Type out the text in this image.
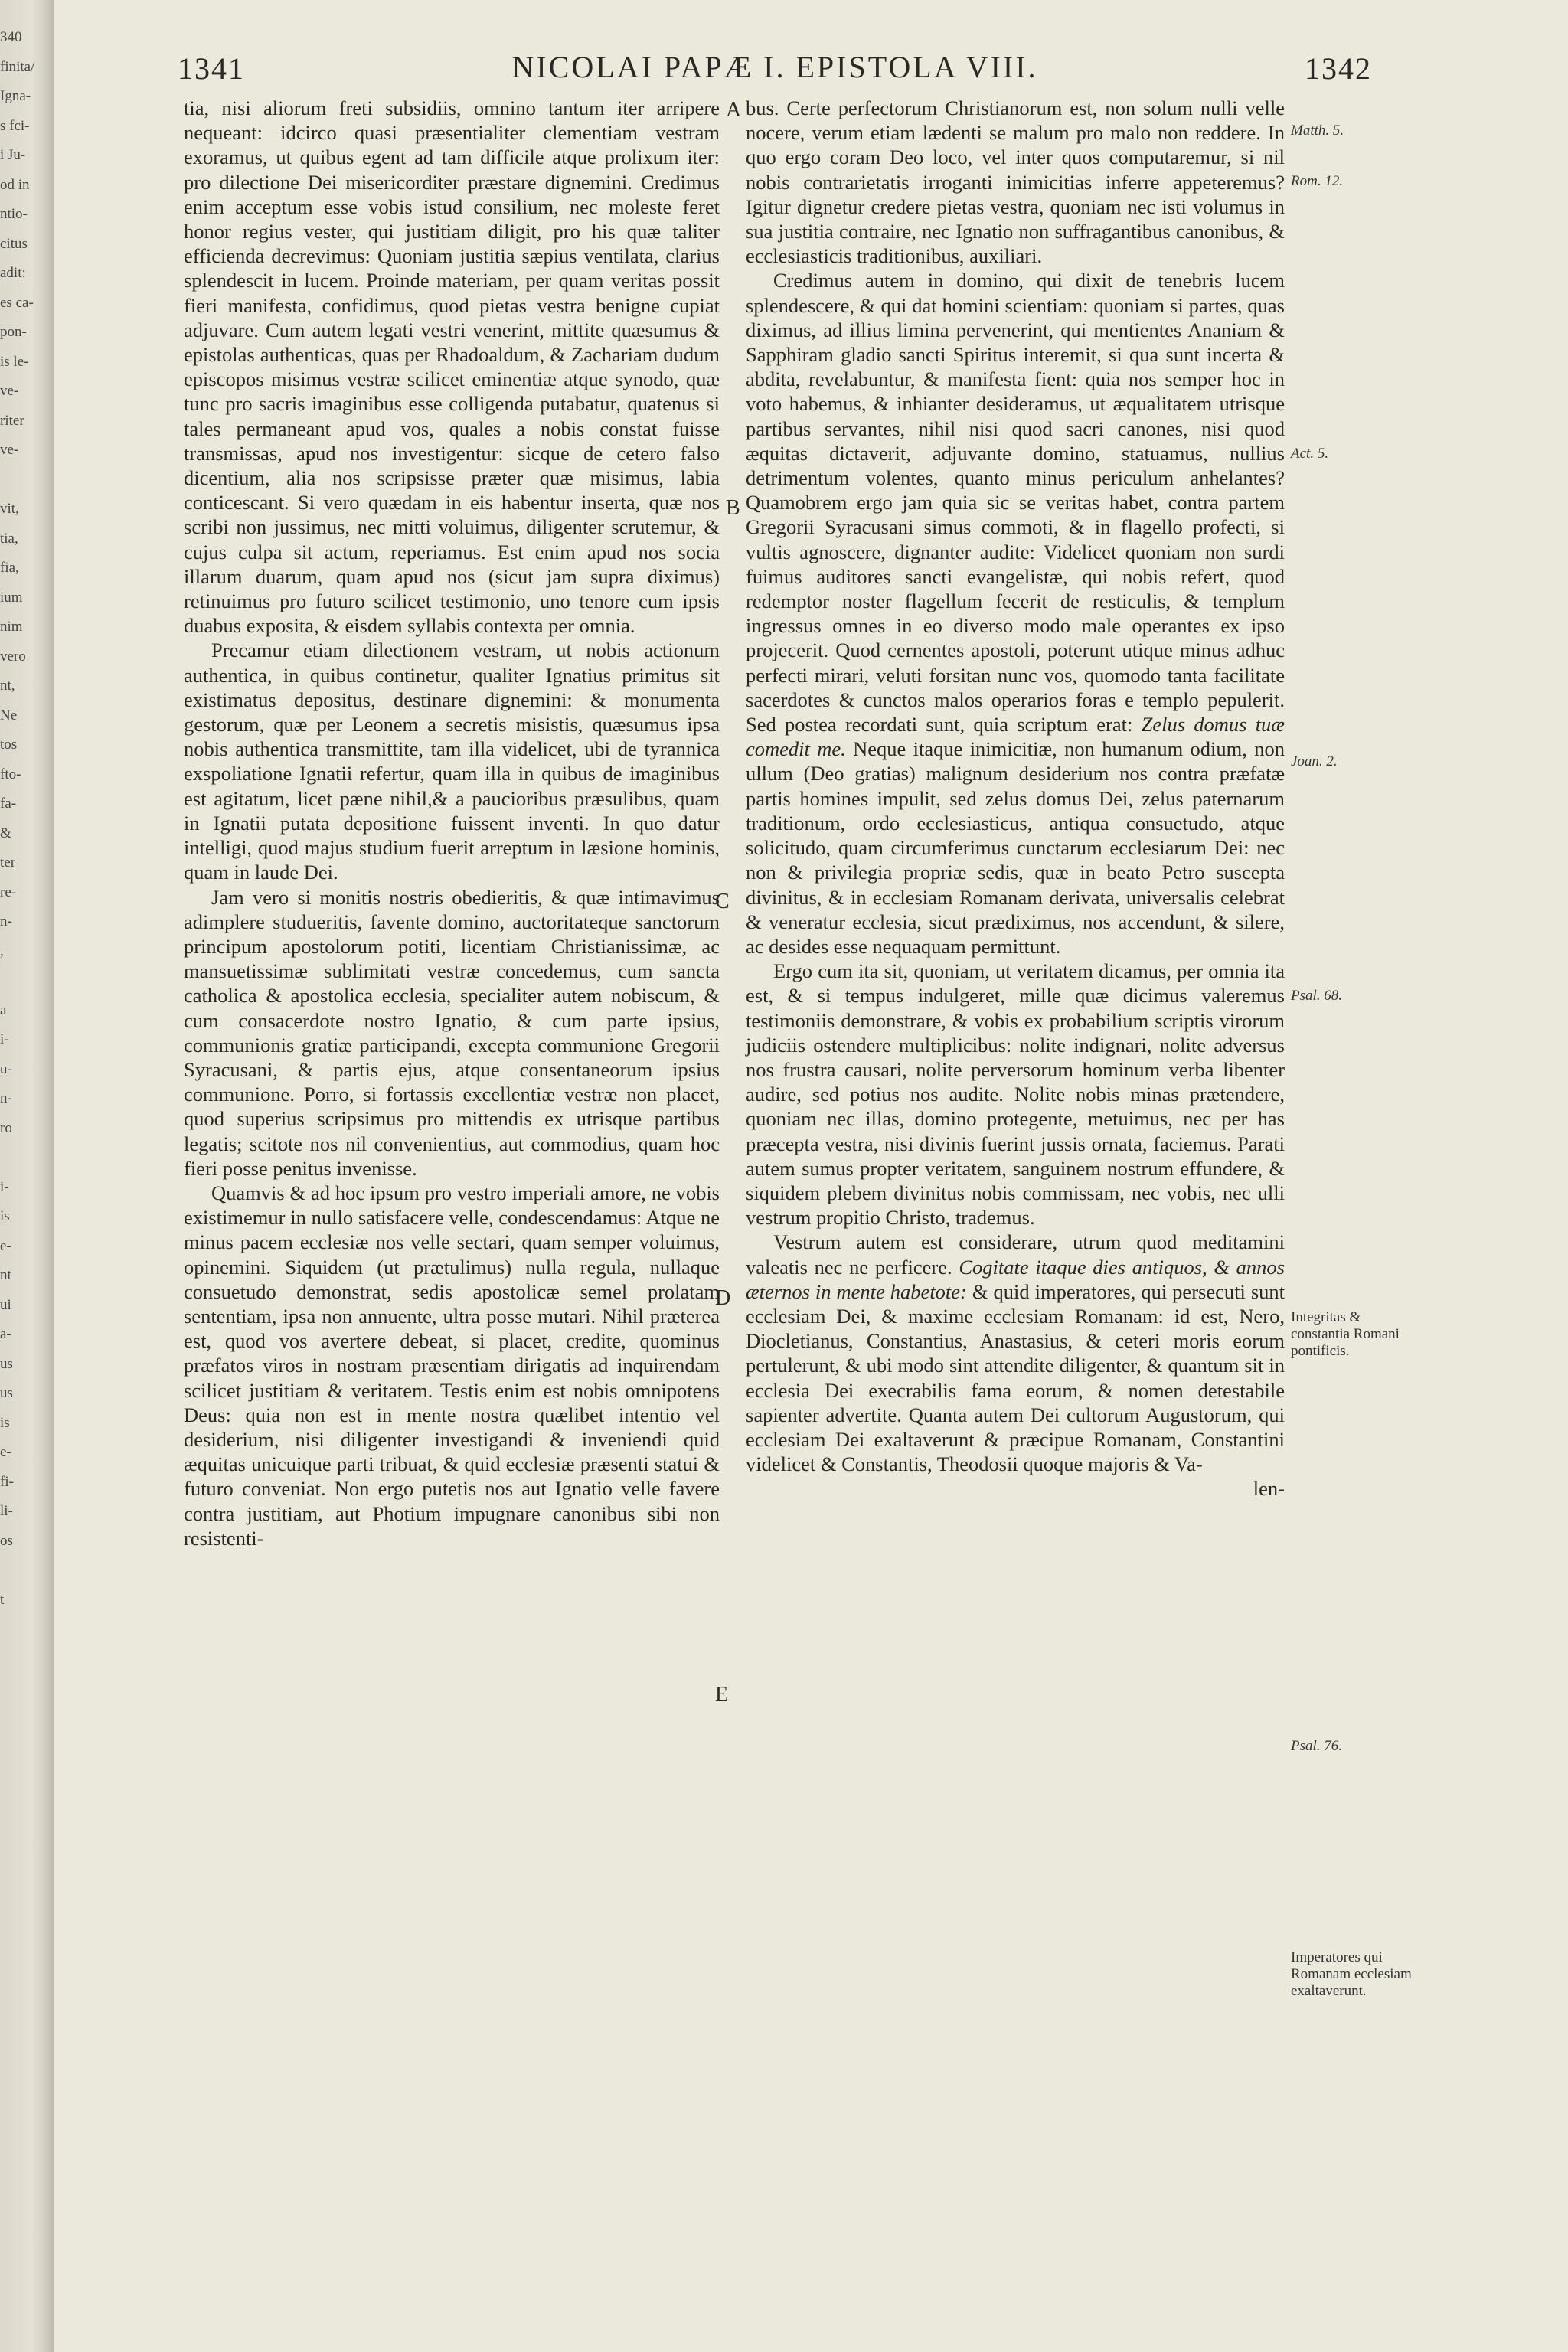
340
finita/
Igna-
s fci-
i Ju-
od in
ntio-
citus
adit:
es ca-
pon-
is le-
ve-
riter
ve-

vit,
tia,
fia,
ium
nim
vero
nt,
Ne
tos
fto-
fa-
&
ter
re-
n-
,

a
i-
u-
n-
ro

i-
is
e-
nt
ui
a-
us
us
is
e-
fi-
li-
os

t

1341	NICOLAI PAPÆ I. EPISTOLA VIII.	1342

tia, nisi aliorum freti subsidiis, omnino tantum iter arripere nequeant: idcirco quasi præsentialiter clementiam vestram exoramus, ut quibus egent ad tam difficile atque prolixum iter: pro dilectione Dei misericorditer præstare dignemini. Credimus enim acceptum esse vobis istud consilium, nec moleste feret honor regius vester, qui justitiam diligit, pro his quæ taliter efficienda decrevimus: Quoniam justitia sæpius ventilata, clarius splendescit in lucem. Proinde materiam, per quam veritas possit fieri manifesta, confidimus, quod pietas vestra benigne cupiat adjuvare. Cum autem legati vestri venerint, mittite quæsumus & epistolas authenticas, quas per Rhadoaldum, & Zachariam dudum episcopos misimus vestræ scilicet eminentiæ atque synodo, quæ tunc pro sacris imaginibus esse colligenda putabatur, quatenus si tales permaneant apud vos, quales a nobis constat fuisse transmissas, apud nos investigentur: sicque de cetero falso dicentium, alia nos scripsisse præter quæ misimus, labia conticescant. Si vero quædam in eis habentur inserta, quæ nos scribi non jussimus, nec mitti voluimus, diligenter scrutemur, & cujus culpa sit actum, reperiamus. Est enim apud nos socia illarum duarum, quam apud nos (sicut jam supra diximus) retinuimus pro futuro scilicet testimonio, uno tenore cum ipsis duabus exposita, & eisdem syllabis contexta per omnia.

Precamur etiam dilectionem vestram, ut nobis actionum authentica, in quibus continetur, qualiter Ignatius primitus sit existimatus depositus, destinare dignemini: & monumenta gestorum, quæ per Leonem a secretis misistis, quæsumus ipsa nobis authentica transmittite, tam illa videlicet, ubi de tyrannica exspoliatione Ignatii refertur, quam illa in quibus de imaginibus est agitatum, licet pæne nihil,& a paucioribus præsulibus, quam in Ignatii putata depositione fuissent inventi. In quo datur intelligi, quod majus studium fuerit arreptum in læsione hominis, quam in laude Dei.

Jam vero si monitis nostris obedieritis, & quæ intimavimus adimplere studueritis, favente domino, auctoritateque sanctorum principum apostolorum potiti, licentiam Christianissimæ, ac mansuetissimæ sublimitati vestræ concedemus, cum sancta catholica & apostolica ecclesia, specialiter autem nobiscum, & cum consacerdote nostro Ignatio, & cum parte ipsius, communionis gratiæ participandi, excepta communione Gregorii Syracusani, & partis ejus, atque consentaneorum ipsius communione. Porro, si fortassis excellentiæ vestræ non placet, quod superius scripsimus pro mittendis ex utrisque partibus legatis; scitote nos nil convenientius, aut commodius, quam hoc fieri posse penitus invenisse.

Quamvis & ad hoc ipsum pro vestro imperiali amore, ne vobis existimemur in nullo satisfacere velle, condescendamus: Atque ne minus pacem ecclesiæ nos velle sectari, quam semper voluimus, opinemini. Siquidem (ut prætulimus) nulla regula, nullaque consuetudo demonstrat, sedis apostolicæ semel prolatam sententiam, ipsa non annuente, ultra posse mutari. Nihil præterea est, quod vos avertere debeat, si placet, credite, quominus præfatos viros in nostram præsentiam dirigatis ad inquirendam scilicet justitiam & veritatem. Testis enim est nobis omnipotens Deus: quia non est in mente nostra quælibet intentio vel desiderium, nisi diligenter investigandi & inveniendi quid æquitas unicuique parti tribuat, & quid ecclesiæ præsenti statui & futuro conveniat. Non ergo putetis nos aut Ignatio velle favere contra justitiam, aut Photium impugnare canonibus sibi non resistenti-

A
B
C
D
E

bus. Certe perfectorum Christianorum est, non solum nulli velle nocere, verum etiam lædenti se malum pro malo non reddere. In quo ergo coram Deo loco, vel inter quos computaremur, si nil nobis contrarietatis irroganti inimicitias inferre appeteremus? Igitur dignetur credere pietas vestra, quoniam nec isti volumus in sua justitia contraire, nec Ignatio non suffragantibus canonibus, & ecclesiasticis traditionibus, auxiliari.

Credimus autem in domino, qui dixit de tenebris lucem splendescere, & qui dat homini scientiam: quoniam si partes, quas diximus, ad illius limina pervenerint, qui mentientes Ananiam & Sapphiram gladio sancti Spiritus interemit, si qua sunt incerta & abdita, revelabuntur, & manifesta fient: quia nos semper hoc in voto habemus, & inhianter desideramus, ut æqualitatem utrisque partibus servantes, nihil nisi quod sacri canones, nisi quod æquitas dictaverit, adjuvante domino, statuamus, nullius detrimentum volentes, quanto minus periculum anhelantes? Quamobrem ergo jam quia sic se veritas habet, contra partem Gregorii Syracusani simus commoti, & in flagello profecti, si vultis agnoscere, dignanter audite: Videlicet quoniam non surdi fuimus auditores sancti evangelistæ, qui nobis refert, quod redemptor noster flagellum fecerit de resticulis, & templum ingressus omnes in eo diverso modo male operantes ex ipso projecerit. Quod cernentes apostoli, poterunt utique minus adhuc perfecti mirari, veluti forsitan nunc vos, quomodo tanta facilitate sacerdotes & cunctos malos operarios foras e templo pepulerit. Sed postea recordati sunt, quia scriptum erat: Zelus domus tuæ comedit me. Neque itaque inimicitiæ, non humanum odium, non ullum (Deo gratias) malignum desiderium nos contra præfatæ partis homines impulit, sed zelus domus Dei, zelus paternarum traditionum, ordo ecclesiasticus, antiqua consuetudo, atque solicitudo, quam circumferimus cunctarum ecclesiarum Dei: nec non & privilegia propriæ sedis, quæ in beato Petro suscepta divinitus, & in ecclesiam Romanam derivata, universalis celebrat & veneratur ecclesia, sicut prædiximus, nos accendunt, & silere, ac desides esse nequaquam permittunt.

Ergo cum ita sit, quoniam, ut veritatem dicamus, per omnia ita est, & si tempus indulgeret, mille quæ dicimus valeremus testimoniis demonstrare, & vobis ex probabilium scriptis virorum judiciis ostendere multiplicibus: nolite indignari, nolite adversus nos frustra causari, nolite perversorum hominum verba libenter audire, sed potius nos audite. Nolite nobis minas prætendere, quoniam nec illas, domino protegente, metuimus, nec per has præcepta vestra, nisi divinis fuerint jussis ornata, faciemus. Parati autem sumus propter veritatem, sanguinem nostrum effundere, & siquidem plebem divinitus nobis commissam, nec vobis, nec ulli vestrum propitio Christo, trademus.

Vestrum autem est considerare, utrum quod meditamini valeatis nec ne perficere. Cogitate itaque dies antiquos, & annos æternos in mente habetote: & quid imperatores, qui persecuti sunt ecclesiam Dei, & maxime ecclesiam Romanam: id est, Nero, Diocletianus, Constantius, Anastasius, & ceteri moris eorum pertulerunt, & ubi modo sint attendite diligenter, & quantum sit in ecclesia Dei execrabilis fama eorum, & nomen detestabile sapienter advertite. Quanta autem Dei cultorum Augustorum, qui ecclesiam Dei exaltaverunt & præcipue Romanam, Constantini videlicet & Constantis, Theodosii quoque majoris & Va-

len-
Matth. 5.
Rom. 12.
Act. 5.
Joan. 2.
Psal. 68.
Integritas & constantia Romani pontificis.
Psal. 76.
Imperatores qui Romanam ecclesiam exaltaverunt.
